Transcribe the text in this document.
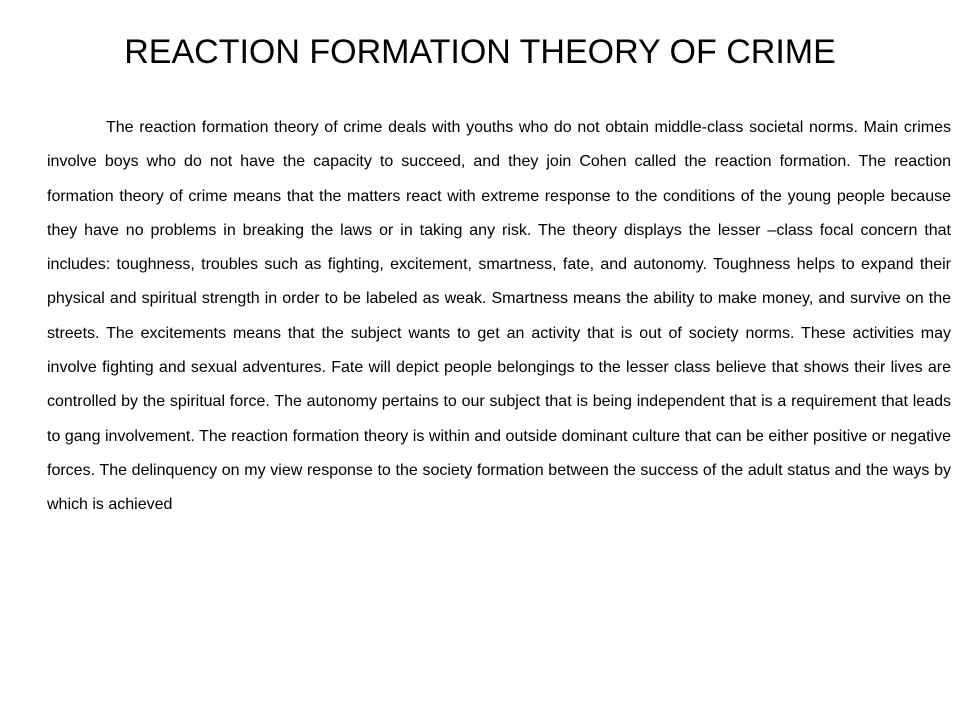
REACTION FORMATION THEORY OF CRIME

The reaction formation theory of crime deals with youths who do not obtain middle-class societal norms. Main crimes involve boys who do not have the capacity to succeed, and they join Cohen called the reaction formation. The reaction formation theory of crime means that the matters react with extreme response to the conditions of the young people because they have no problems in breaking the laws or in taking any risk. The theory displays the lesser –class focal concern that includes: toughness, troubles such as fighting, excitement, smartness, fate, and autonomy. Toughness helps to expand their physical and spiritual strength in order to be labeled as weak. Smartness means the ability to make money, and survive on the streets. The excitements means that the subject wants to get an activity that is out of society norms. These activities may involve fighting and sexual adventures. Fate will depict people belongings to the lesser class believe that shows their lives are controlled by the spiritual force. The autonomy pertains to our subject that is being independent that is a requirement that leads to gang involvement. The reaction formation theory is within and outside dominant culture that can be either positive or negative forces. The delinquency on my view response to the society formation between the success of the adult status and the ways by which is achieved
